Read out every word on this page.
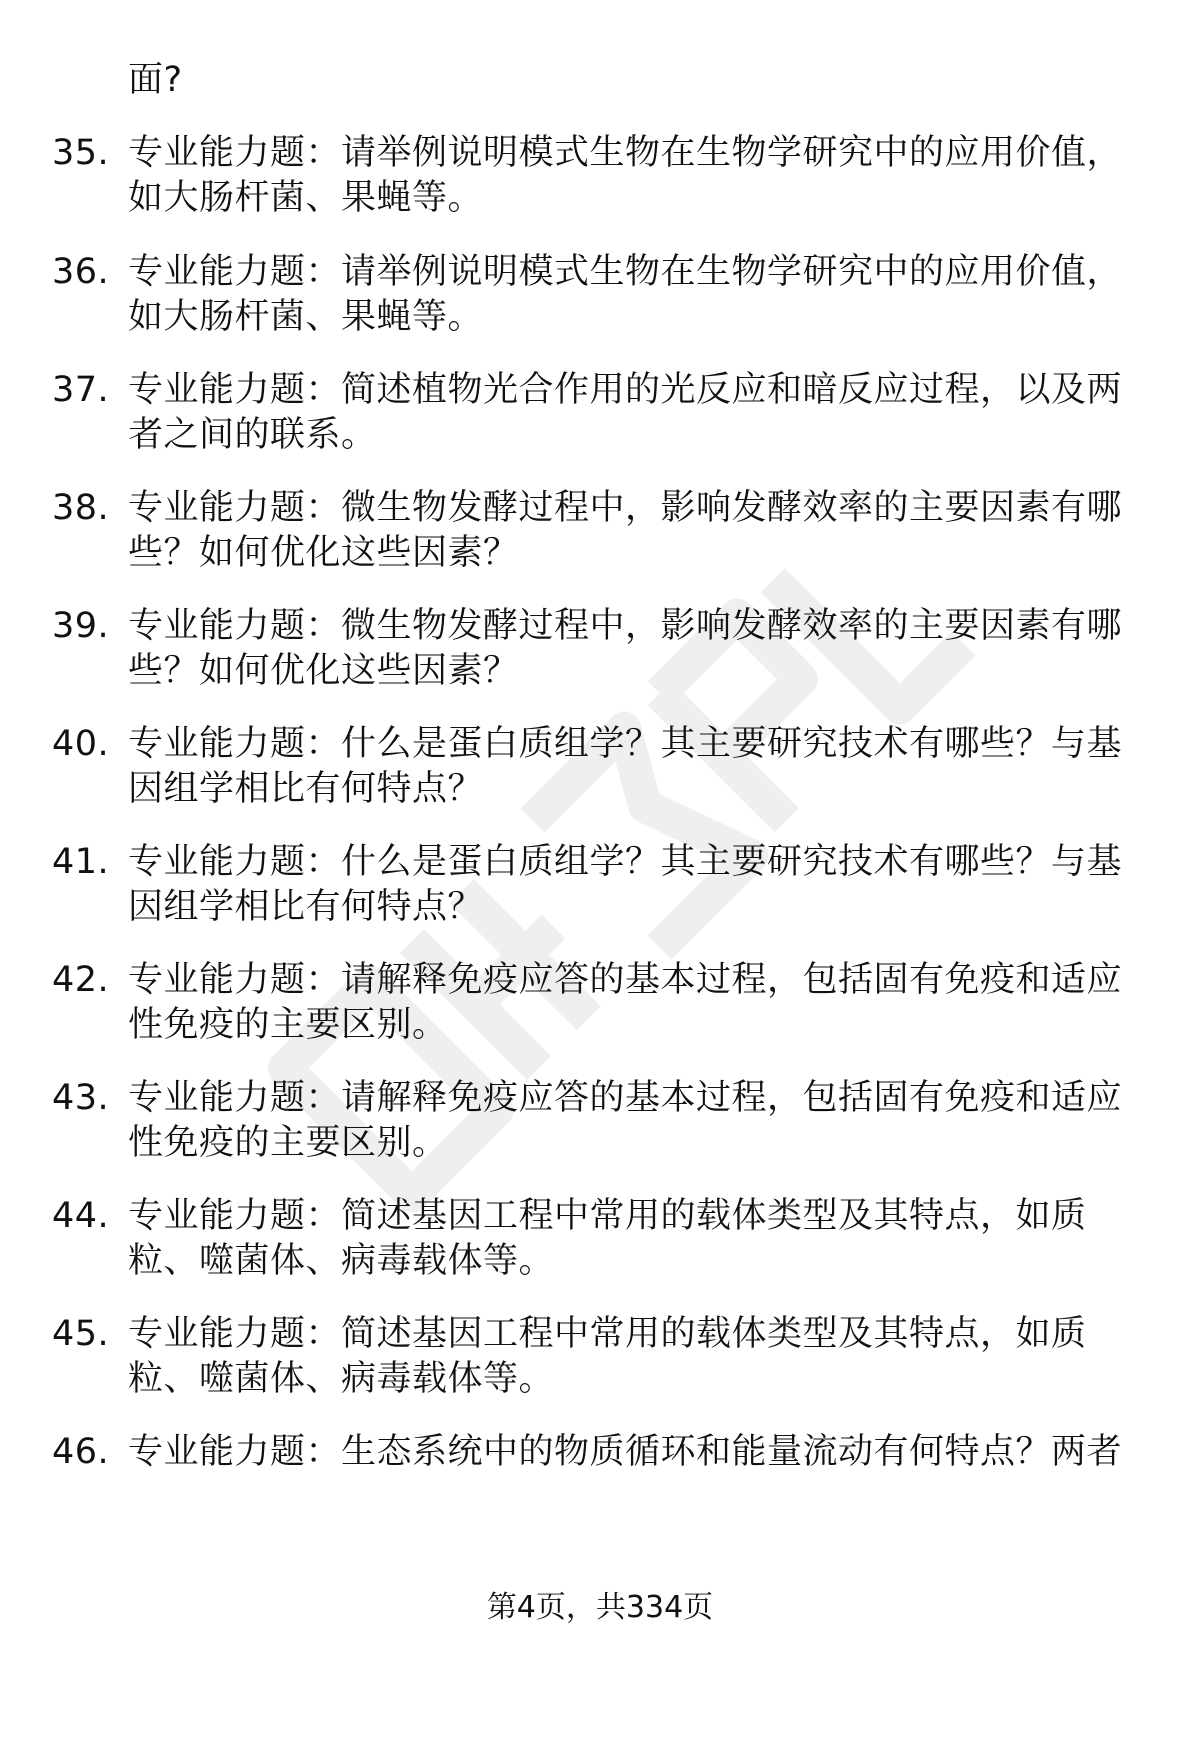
面?
35. 专业能力题：请举例说明模式生物在生物学研究中的应用价值，
如大肠杆菌、果蝇等。
36. 专业能力题：请举例说明模式生物在生物学研究中的应用价值，
如大肠杆菌、果蝇等。
37. 专业能力题：简述植物光合作用的光反应和暗反应过程，以及两
者之间的联系。
38. 专业能力题：微生物发酵过程中，影响发酵效率的主要因素有哪
些？如何优化这些因素？
39. 专业能力题：微生物发酵过程中，影响发酵效率的主要因素有哪
些？如何优化这些因素？
40. 专业能力题：什么是蛋白质组学？其主要研究技术有哪些？与基
因组学相比有何特点？
41. 专业能力题：什么是蛋白质组学？其主要研究技术有哪些？与基
因组学相比有何特点？
42. 专业能力题：请解释免疫应答的基本过程，包括固有免疫和适应
性免疫的主要区别。
43. 专业能力题：请解释免疫应答的基本过程，包括固有免疫和适应
性免疫的主要区别。
44. 专业能力题：简述基因工程中常用的载体类型及其特点，如质
粒、噬菌体、病毒载体等。
45. 专业能力题：简述基因工程中常用的载体类型及其特点，如质
粒、噬菌体、病毒载体等。
46. 专业能力题：生态系统中的物质循环和能量流动有何特点？两者
第4页，共334页
